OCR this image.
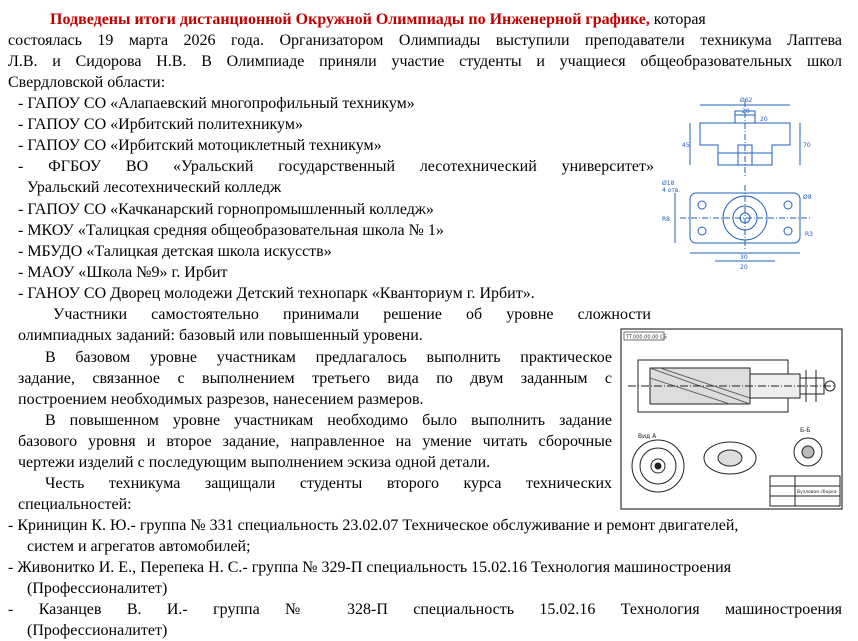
Подведены итоги дистанционной Окружной Олимпиады по Инженерной графике, которая
состоялась 19 марта 2026 года. Организатором Олимпиады выступили преподаватели техникума Лаптева
Л.В. и Сидорова Н.В. В Олимпиаде приняли участие студенты и учащиеся общеобразовательных школ
Свердловской области:
- ГАПОУ СО «Алапаевский многопрофильный техникум»
- ГАПОУ СО «Ирбитский политехникум»
- ГАПОУ СО «Ирбитский мотоциклетный техникум»
- ФГБОУ ВО «Уральский государственный лесотехнический университет»
Уральский лесотехнический колледж
- ГАПОУ СО «Качканарский горнопромышленный колледж»
- МКОУ «Талицкая средняя общеобразовательная школа № 1»
- МБУДО «Талицкая детская школа искусств»
- МАОУ «Школа №9» г. Ирбит
- ГАНОУ СО Дворец молодежи Детский технопарк «Кванториум г. Ирбит».
Участники самостоятельно принимали решение об уровне сложности
олимпиадных заданий: базовый или повышенный уровени.
В базовом уровне участникам предлагалось выполнить практическое
задание, связанное с выполнением третьего вида по двум заданным с
построением необходимых разрезов, нанесением размеров.
В повышенном уровне участникам необходимо было выполнить задание
базового уровня и второе задание, направленное на умение читать сборочные
чертежи изделий с последующим выполнением эскиза одной детали.
Честь техникума защищали студенты второго курса технических
специальностей:
- Криницин К. Ю.- группа № 331 специальность 23.02.07 Техническое обслуживание и ремонт двигателей,
систем и агрегатов автомобилей;
- Живонитко И. Е., Перепека Н. С.- группа № 329-П специальность 15.02.16 Технология машиностроения
(Профессионалитет)
- Казанцев В. И.- группа № 328-П специальность 15.02.16 Технология машиностроения
(Профессионалитет)
Ø62
20
20
45	70
Ø18
4 отв.
Ø8
R3
R8
30
20
TT.000.00.00 СБ
Вид А
Б-Б
Вузловая сборка
